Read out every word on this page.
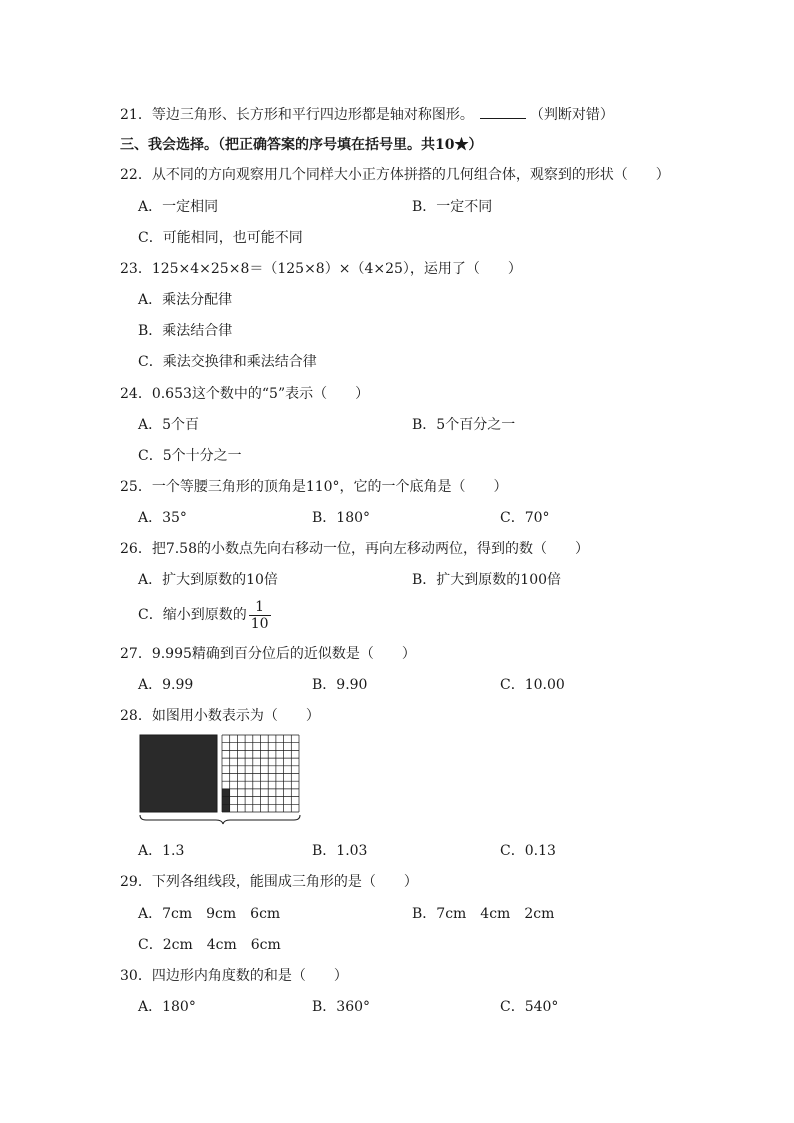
21．等边三角形、长方形和平行四边形都是轴对称图形。	（判断对错）
三、我会选择。（把正确答案的序号填在括号里。共10★）
22．从不同的方向观察用几个同样大小正方体拼搭的几何组合体，观察到的形状（　　）
A．一定相同	B．一定不同
C．可能相同，也可能不同
23．125×4×25×8＝（125×8）×（4×25），运用了（　　）
A．乘法分配律
B．乘法结合律
C．乘法交换律和乘法结合律
24．0.653这个数中的“5”表示（　　）
A．5个百	B．5个百分之一
C．5个十分之一
25．一个等腰三角形的顶角是110°，它的一个底角是（　　）
A．35°	B．180°	C．70°
26．把7.58的小数点先向右移动一位，再向左移动两位，得到的数（　　）
A．扩大到原数的10倍	B．扩大到原数的100倍
C．缩小到原数的 $\frac{1}{10}$
27．9.995精确到百分位后的近似数是（　　）
A．9.99	B．9.90	C．10.00
28．如图用小数表示为（　　）
A．1.3	B．1.03	C．0.13
29．下列各组线段，能围成三角形的是（　　）
A．7cm　9cm　6cm	B．7cm　4cm　2cm
C．2cm　4cm　6cm
30．四边形内角度数的和是（　　）
A．180°	B．360°	C．540°
